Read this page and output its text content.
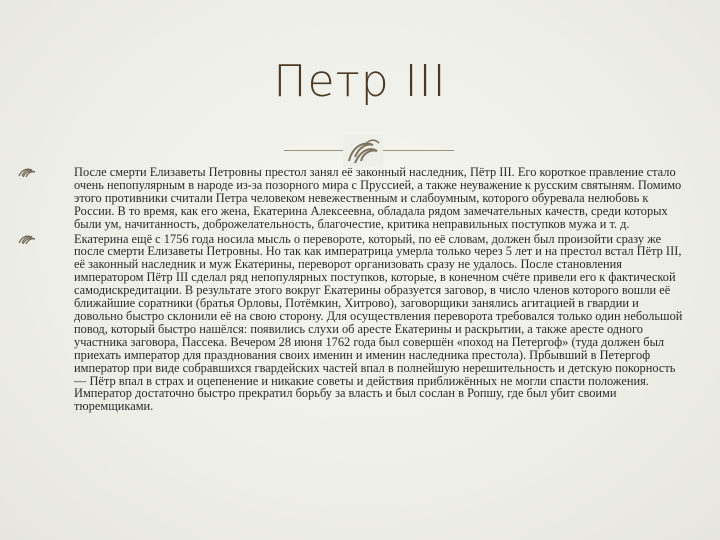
Петр III
После смерти Елизаветы Петровны престол занял её законный наследник, Пётр III. Его короткое правление стало очень непопулярным в народе из-за позорного мира с Пруссией, а также неуважение к русским святыням. Помимо этого противники считали Петра человеком невежественным и слабоумным, которого обуревала нелюбовь к России. В то время, как его жена, Екатерина Алексеевна, обладала рядом замечательных качеств, среди которых были ум, начитанность, доброжелательность, благочестие, критика неправильных поступков мужа и т. д.
Екатерина ещё с 1756 года носила мысль о перевороте, который, по её словам, должен был произойти сразу же после смерти Елизаветы Петровны. Но так как императрица умерла только через 5 лет и на престол встал Пётр III, её законный наследник и муж Екатерины, переворот организовать сразу не удалось. После становления императором Пётр III сделал ряд непопулярных поступков, которые, в конечном счёте привели его к фактической самодискредитации. В результате этого вокруг Екатерины образуется заговор, в число членов которого вошли её ближайшие соратники (братья Орловы, Потёмкин, Хитрово), заговорщики занялись агитацией в гвардии и довольно быстро склонили её на свою сторону. Для осуществления переворота требовался только один небольшой повод, который быстро нашёлся: появились слухи об аресте Екатерины и раскрытии, а также аресте одного участника заговора, Пассека. Вечером 28 июня 1762 года был совершён «поход на Петергоф» (туда должен был приехать император для празднования своих именин и именин наследника престола). Прбывший в Петергоф император при виде собравшихся гвардейских частей впал в полнейшую нерешительность и детскую покорность — Пётр впал в страх и оцепенение и никакие советы и действия приближённых не могли спасти положения. Император достаточно быстро прекратил борьбу за власть и был сослан в Ропшу, где был убит своими тюремщиками.
